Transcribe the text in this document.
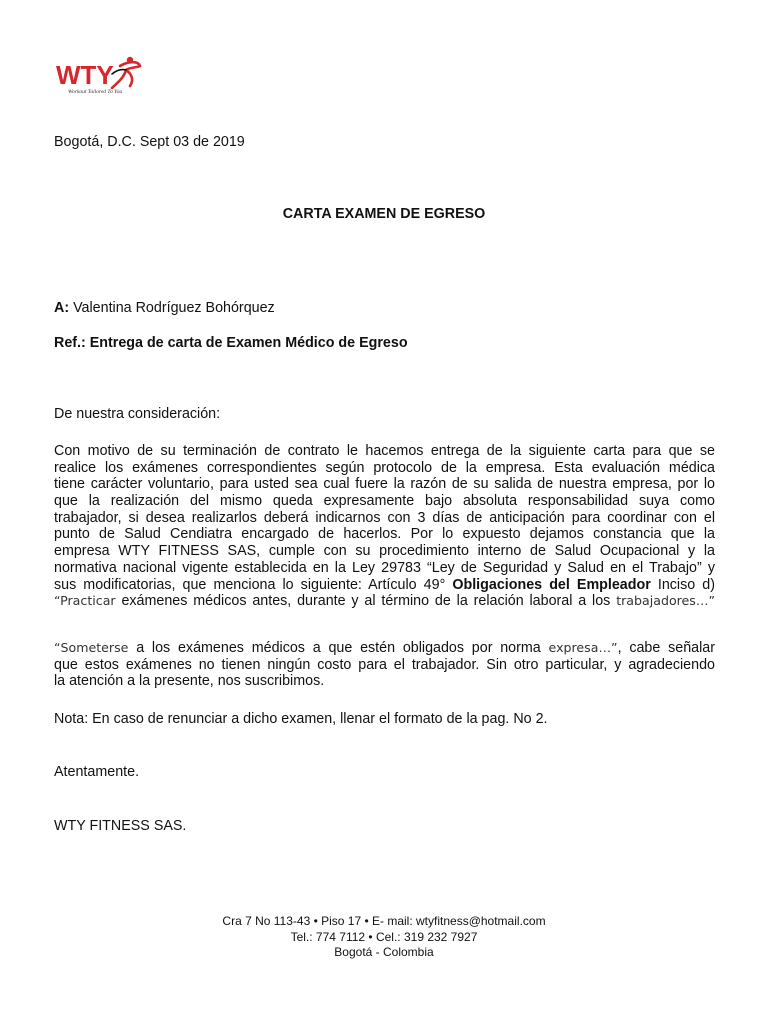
WTY
Workout Tailored To You
Bogotá, D.C. Sept 03 de 2019
CARTA EXAMEN DE EGRESO
A: Valentina Rodríguez Bohórquez
Ref.: Entrega de carta de Examen Médico de Egreso
De nuestra consideración:
Con motivo de su terminación de contrato le hacemos entrega de la siguiente carta para que se
realice los exámenes correspondientes según protocolo de la empresa. Esta evaluación médica
tiene carácter voluntario, para usted sea cual fuere la razón de su salida de nuestra empresa, por lo
que la realización del mismo queda expresamente bajo absoluta responsabilidad suya como
trabajador, si desea realizarlos deberá indicarnos con 3 días de anticipación para coordinar con el
punto de Salud Cendiatra encargado de hacerlos. Por lo expuesto dejamos constancia que la
empresa WTY FITNESS SAS, cumple con su procedimiento interno de Salud Ocupacional y la
normativa nacional vigente establecida en la Ley 29783 “Ley de Seguridad y Salud en el Trabajo” y
sus modificatorias, que menciona lo siguiente: Artículo 49° Obligaciones del Empleador Inciso d)
“Practicar exámenes médicos antes, durante y al término de la relación laboral a los trabajadores…”
“Someterse a los exámenes médicos a que estén obligados por norma expresa…”, cabe señalar
que estos exámenes no tienen ningún costo para el trabajador. Sin otro particular, y agradeciendo
la atención a la presente, nos suscribimos.
Nota: En caso de renunciar a dicho examen, llenar el formato de la pag. No 2.
Atentamente.
WTY FITNESS SAS.
Cra 7 No 113-43 • Piso 17 • E- mail: wtyfitness@hotmail.com
Tel.: 774 7112 • Cel.: 319 232 7927
Bogotá - Colombia
